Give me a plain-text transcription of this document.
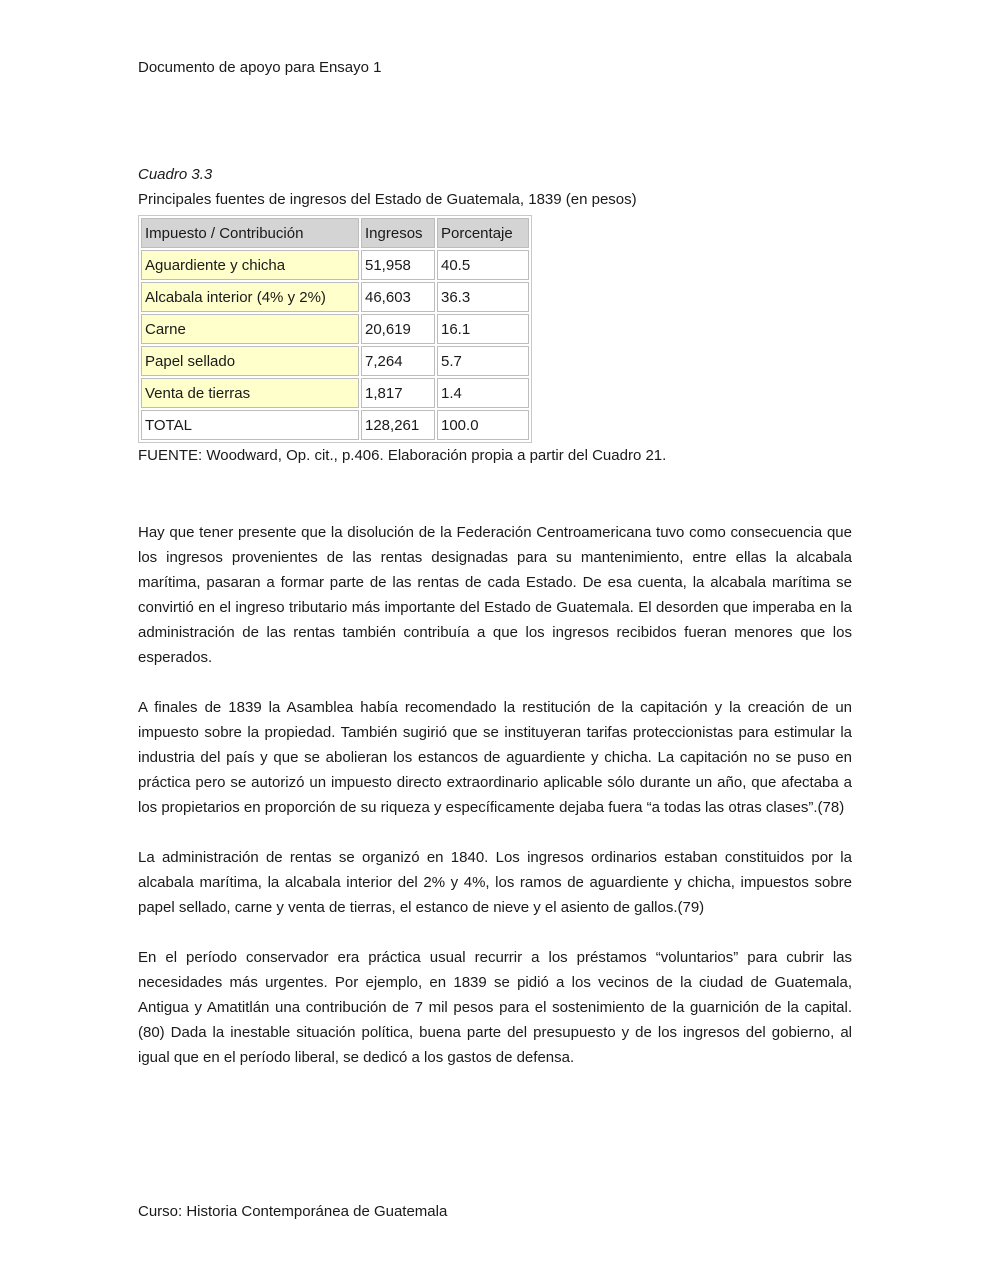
Documento de apoyo para Ensayo 1
Cuadro 3.3
Principales fuentes de ingresos del Estado de Guatemala, 1839 (en pesos)
Impuesto / Contribución	Ingresos	Porcentaje
Aguardiente y chicha	51,958	40.5
Alcabala interior (4% y 2%)	46,603	36.3
Carne	20,619	16.1
Papel sellado	7,264	5.7
Venta de tierras	1,817	1.4
TOTAL	128,261	100.0
FUENTE: Woodward, Op. cit., p.406. Elaboración propia a partir del Cuadro 21.

Hay que tener presente que la disolución de la Federación Centroamericana tuvo como consecuencia que los ingresos provenientes de las rentas designadas para su mantenimiento, entre ellas la alcabala marítima, pasaran a formar parte de las rentas de cada Estado. De esa cuenta, la alcabala marítima se convirtió en el ingreso tributario más importante del Estado de Guatemala. El desorden que imperaba en la administración de las rentas también contribuía a que los ingresos recibidos fueran menores que los esperados.

A finales de 1839 la Asamblea había recomendado la restitución de la capitación y la creación de un impuesto sobre la propiedad. También sugirió que se instituyeran tarifas proteccionistas para estimular la industria del país y que se abolieran los estancos de aguardiente y chicha. La capitación no se puso en práctica pero se autorizó un impuesto directo extraordinario aplicable sólo durante un año, que afectaba a los propietarios en proporción de su riqueza y específicamente dejaba fuera “a todas las otras clases”.(78)

La administración de rentas se organizó en 1840. Los ingresos ordinarios estaban constituidos por la alcabala marítima, la alcabala interior del 2% y 4%, los ramos de aguardiente y chicha, impuestos sobre papel sellado, carne y venta de tierras, el estanco de nieve y el asiento de gallos.(79)

En el período conservador era práctica usual recurrir a los préstamos “voluntarios” para cubrir las necesidades más urgentes. Por ejemplo, en 1839 se pidió a los vecinos de la ciudad de Guatemala, Antigua y Amatitlán una contribución de 7 mil pesos para el sostenimiento de la guarnición de la capital. (80) Dada la inestable situación política, buena parte del presupuesto y de los ingresos del gobierno, al igual que en el período liberal, se dedicó a los gastos de defensa.

Curso: Historia Contemporánea de Guatemala
